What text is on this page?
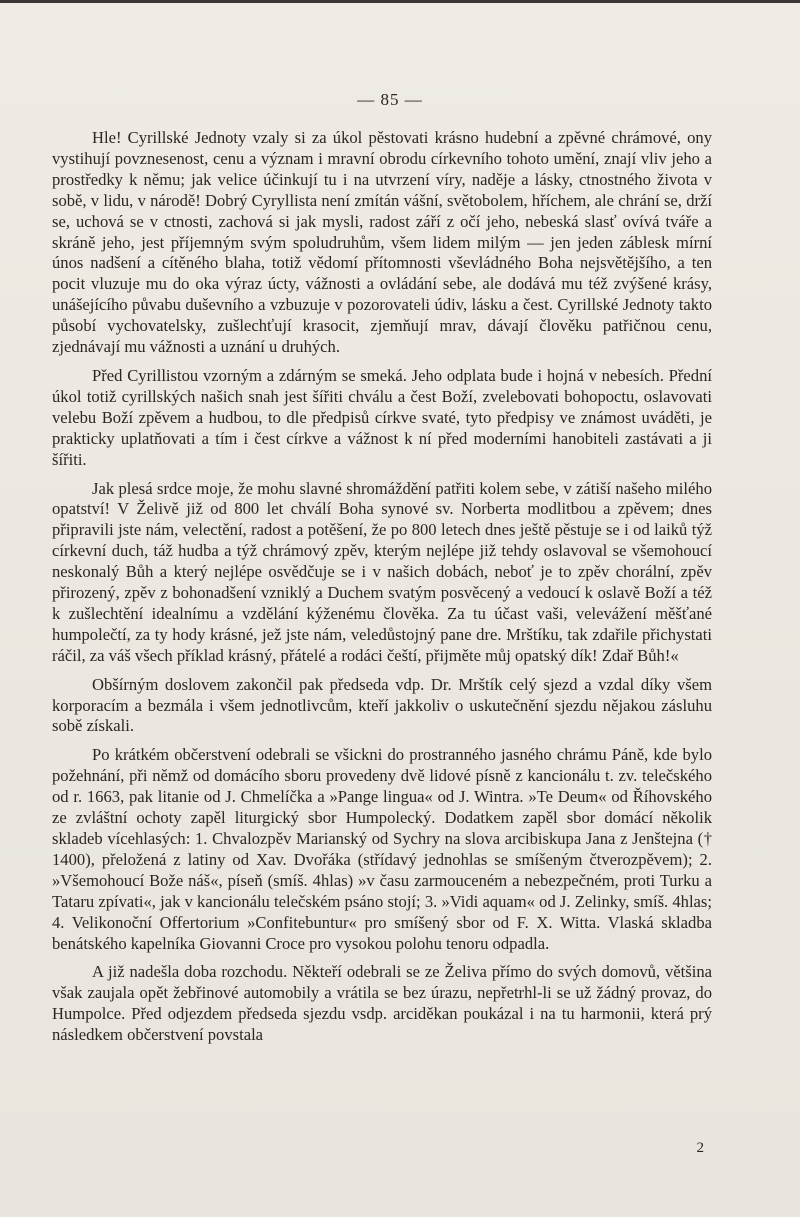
— 85 —

Hle! Cyrillské Jednoty vzaly si za úkol pěstovati krásno hudební a zpěvné chrámové, ony vystihují povznesenost, cenu a význam i mravní obrodu církevního tohoto umění, znají vliv jeho a prostředky k němu; jak velice účinkují tu i na utvrzení víry, naděje a lásky, ctnostného života v sobě, v lidu, v národě! Dobrý Cyryllista není zmítán vášní, světobolem, hříchem, ale chrání se, drží se, uchová se v ctnosti, zachová si jak mysli, radost září z očí jeho, nebeská slasť ovívá tváře a skráně jeho, jest příjemným svým spoludruhům, všem lidem milým — jen jeden záblesk mírní únos nadšení a cítěného blaha, totiž vědomí přítomnosti vševládného Boha nejsvětějšího, a ten pocit vluzuje mu do oka výraz úcty, vážnosti a ovládání sebe, ale dodává mu též zvýšené krásy, unášejícího půvabu duševního a vzbuzuje v pozorovateli údiv, lásku a čest. Cyrillské Jednoty takto působí vychovatelsky, zušlechťují krasocit, zjemňují mrav, dávají člověku patřičnou cenu, zjednávají mu vážnosti a uznání u druhých.

Před Cyrillistou vzorným a zdárným se smeká. Jeho odplata bude i hojná v nebesích. Přední úkol totiž cyrillských našich snah jest šířiti chválu a čest Boží, zvelebovati bohopoctu, oslavovati velebu Boží zpěvem a hudbou, to dle předpisů církve svaté, tyto předpisy ve známost uváděti, je prakticky uplatňovati a tím i čest církve a vážnost k ní před moderními hanobiteli zastávati a ji šířiti.

Jak plesá srdce moje, že mohu slavné shromáždění patřiti kolem sebe, v zátiší našeho milého opatství! V Želivě již od 800 let chválí Boha synové sv. Norberta modlitbou a zpěvem; dnes připravili jste nám, velectění, radost a potěšení, že po 800 letech dnes ještě pěstuje se i od laiků týž církevní duch, táž hudba a týž chrámový zpěv, kterým nejlépe již tehdy oslavoval se všemohoucí neskonalý Bůh a který nejlépe osvědčuje se i v našich dobách, neboť je to zpěv chorální, zpěv přirozený, zpěv z bohonadšení vzniklý a Duchem svatým posvěcený a vedoucí k oslavě Boží a též k zušlechtění idealnímu a vzdělání kýženému člověka. Za tu účast vaši, velevážení měšťané humpolečtí, za ty hody krásné, jež jste nám, veledůstojný pane dre. Mrštíku, tak zdařile přichystati ráčil, za váš všech příklad krásný, přátelé a rodáci čeští, přijměte můj opatský dík! Zdař Bůh!«

Obšírným doslovem zakončil pak předseda vdp. Dr. Mrštík celý sjezd a vzdal díky všem korporacím a bezmála i všem jednotlivcům, kteří jakkoliv o uskutečnění sjezdu nějakou zásluhu sobě získali.

Po krátkém občerstvení odebrali se všickni do prostranného jasného chrámu Páně, kde bylo požehnání, při němž od domácího sboru provedeny dvě lidové písně z kancionálu t. zv. telečského od r. 1663, pak litanie od J. Chmelíčka a »Pange lingua« od J. Wintra. »Te Deum« od Říhovského ze zvláštní ochoty zapěl liturgický sbor Humpolecký. Dodatkem zapěl sbor domácí několik skladeb vícehlasých: 1. Chvalozpěv Marianský od Sychry na slova arcibiskupa Jana z Jenštejna († 1400), přeložená z latiny od Xav. Dvořáka (střídavý jednohlas se smíšeným čtverozpěvem); 2. »Všemohoucí Bože náš«, píseň (smíš. 4hlas) »v času zarmouceném a nebezpečném, proti Turku a Tataru zpívati«, jak v kancionálu telečském psáno stojí; 3. »Vidi aquam« od J. Zelinky, smíš. 4hlas; 4. Velikonoční Offertorium »Confitebuntur« pro smíšený sbor od F. X. Witta. Vlaská skladba benátského kapelníka Giovanni Croce pro vysokou polohu tenoru odpadla.

A již nadešla doba rozchodu. Někteří odebrali se ze Želiva přímo do svých domovů, většina však zaujala opět žebřinové automobily a vrátila se bez úrazu, nepřetrhl-li se už žádný provaz, do Humpolce. Před odjezdem předseda sjezdu vsdp. arciděkan poukázal i na tu harmonii, která prý následkem občerstvení povstala

2
